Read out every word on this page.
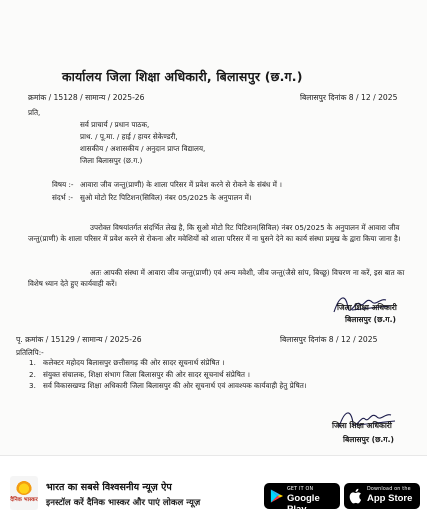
कार्यालय जिला शिक्षा अधिकारी, बिलासपुर (छ.ग.)
क्रमांक / 15128 / सामान्य / 2025-26	बिलासपुर दिनांक 8 / 12 / 2025
प्रति,
सर्व प्राचार्य / प्रधान पाठक,
प्राथ. / पू.मा. / हाई / हायर सेकेण्डरी,
शासकीय / अशासकीय / अनुदान प्राप्त विद्यालय,
जिला बिलासपुर (छ.ग.)
विषय :- आवारा जीव जन्तु(प्राणी) के शाला परिसर में प्रवेश करने से रोकने के संबंध में ।
संदर्भ :- सुओ मोटो रिट पिटिशन(सिविल) नंबर 05/2025 के अनुपालन में।
उपरोक्त विषयांतर्गत संदर्भित लेख है, कि सुओ मोटो रिट पिटिशन(सिविल) नंबर 05/2025 के अनुपालन में आवारा जीव जन्तु(प्राणी) के शाला परिसर में प्रवेश करने से रोकना और मवेशियों को शाला परिसर में ना घुसने देने का कार्य संस्था प्रमुख के द्वारा किया जाना है।
अतः आपकी संस्था में आवारा जीव जन्तु(प्राणी) एवं अन्य मवेशी, जीव जन्तु(जैसे सांप, बिच्छू) विचरण ना करें, इस बात का विशेष ध्यान देते हुए कार्यवाही करें।
जिला शिक्षा अधिकारी
बिलासपुर (छ.ग.)
पृ. क्रमांक / 15129 / सामान्य / 2025-26	बिलासपुर दिनांक 8 / 12 / 2025
प्रतिलिपि:-
1. कलेक्टर महोदय बिलासपुर छत्तीसगढ़ की ओर सादर सूचनार्थ संप्रेषित ।
2. संयुक्त संचालक, शिक्षा संभाग जिला बिलासपुर की ओर सादर सूचनार्थ संप्रेषित ।
3. सर्व विकासखण्ड शिक्षा अधिकारी जिला बिलासपुर की ओर सूचनार्थ एवं आवश्यक कार्यवाही हेतु प्रेषित।
जिला शिक्षा अधिकारी
बिलासपुर (छ.ग.)
दैनिक भास्कर
भारत का सबसे विश्वसनीय न्यूज़ ऐप
इनस्टॉल करें दैनिक भास्कर और पाएं लोकल न्यूज़
GET IT ON
Google Play
Download on the
App Store
